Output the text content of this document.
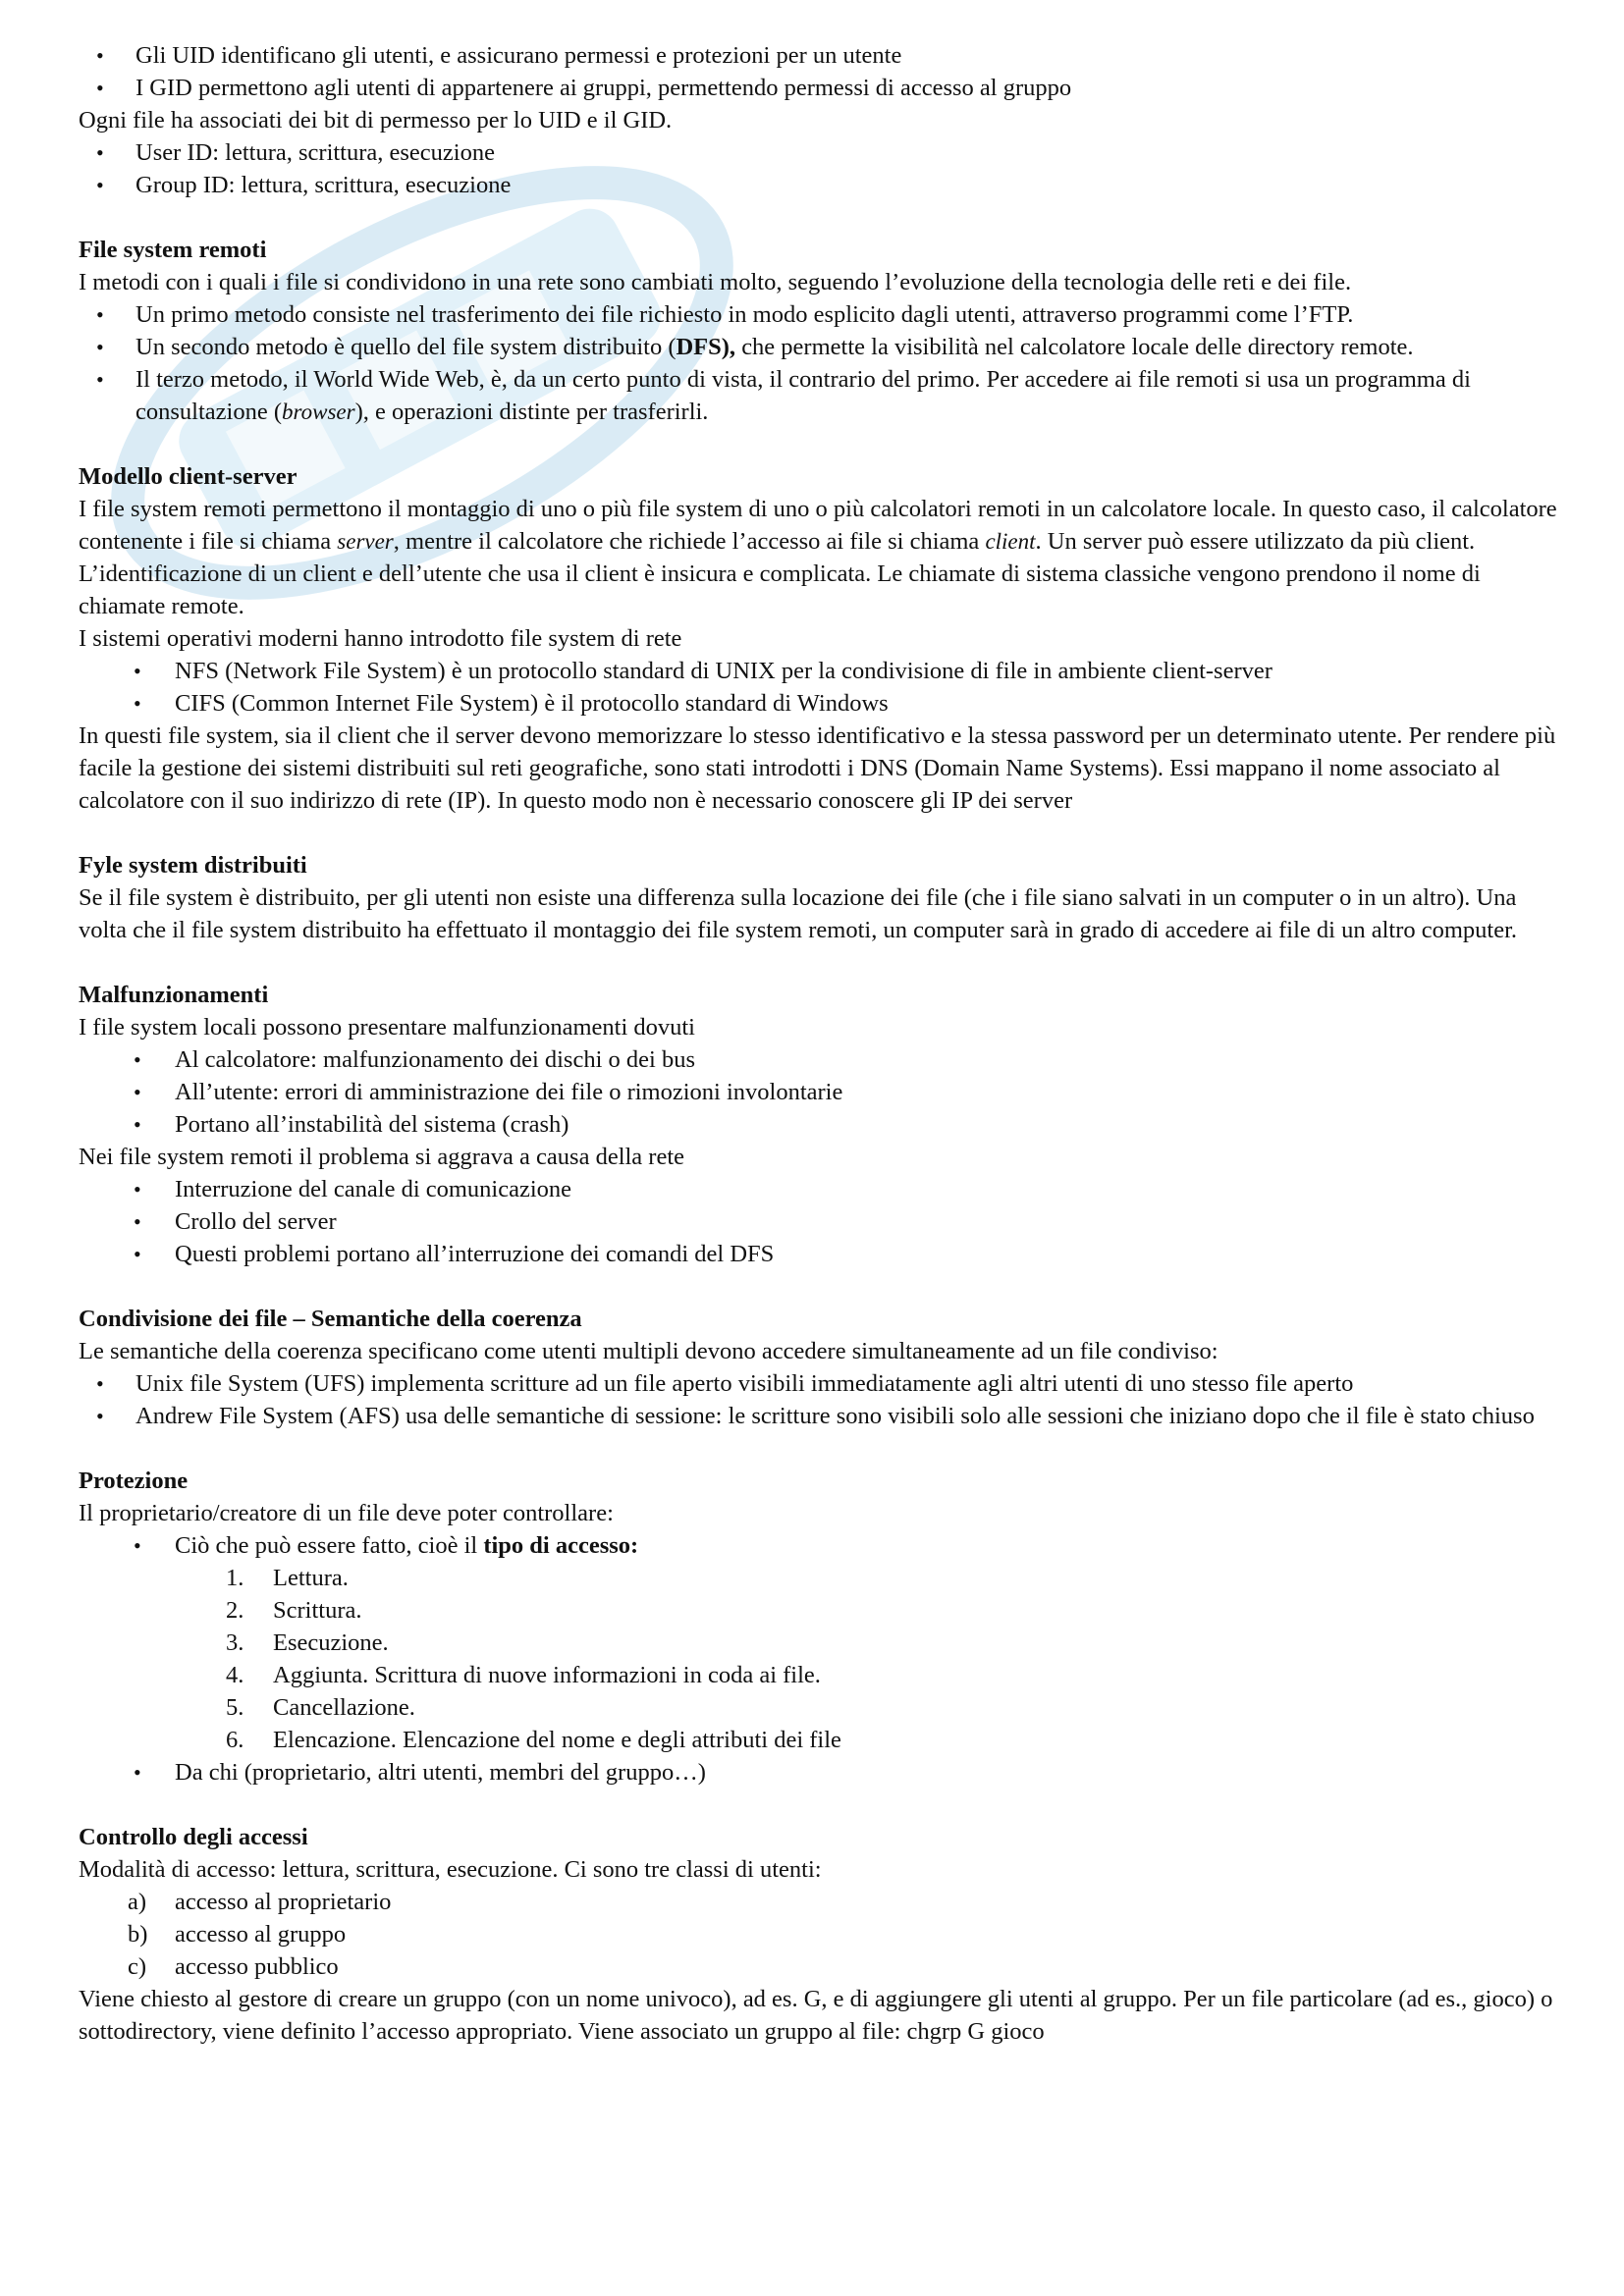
• Gli UID identificano gli utenti, e assicurano permessi e protezioni per un utente
• I GID permettono agli utenti di appartenere ai gruppi, permettendo permessi di accesso al gruppo

Ogni file ha associati dei bit di permesso per lo UID e il GID.

• User ID: lettura, scrittura, esecuzione
• Group ID: lettura, scrittura, esecuzione
File system remoti

I metodi con i quali i file si condividono in una rete sono cambiati molto, seguendo l’evoluzione della tecnologia delle reti e dei file.

• Un primo metodo consiste nel trasferimento dei file richiesto in modo esplicito dagli utenti, attraverso programmi come l’FTP.
• Un secondo metodo è quello del file system distribuito (DFS), che permette la visibilità nel calcolatore locale delle directory remote.
• Il terzo metodo, il World Wide Web, è, da un certo punto di vista, il contrario del primo. Per accedere ai file remoti si usa un programma di consultazione (browser), e operazioni distinte per trasferirli.
Modello client-server

I file system remoti permettono il montaggio di uno o più file system di uno o più calcolatori remoti in un calcolatore locale. In questo caso, il calcolatore contenente i file si chiama server, mentre il calcolatore che richiede l’accesso ai file si chiama client. Un server può essere utilizzato da più client. L’identificazione di un client e dell’utente che usa il client è insicura e complicata. Le chiamate di sistema classiche vengono prendono il nome di chiamate remote.

I sistemi operativi moderni hanno introdotto file system di rete

• NFS (Network File System) è un protocollo standard di UNIX per la condivisione di file in ambiente client-server
• CIFS (Common Internet File System) è il protocollo standard di Windows

In questi file system, sia il client che il server devono memorizzare lo stesso identificativo e la stessa password per un determinato utente. Per rendere più facile la gestione dei sistemi distribuiti sul reti geografiche, sono stati introdotti i DNS (Domain Name Systems). Essi mappano il nome associato al calcolatore con il suo indirizzo di rete (IP). In questo modo non è necessario conoscere gli IP dei server

Fyle system distribuiti

Se il file system è distribuito, per gli utenti non esiste una differenza sulla locazione dei file (che i file siano salvati in un computer o in un altro). Una volta che il file system distribuito ha effettuato il montaggio dei file system remoti, un computer sarà in grado di accedere ai file di un altro computer.

Malfunzionamenti

I file system locali possono presentare malfunzionamenti dovuti

• Al calcolatore: malfunzionamento dei dischi o dei bus
• All’utente: errori di amministrazione dei file o rimozioni involontarie
• Portano all’instabilità del sistema (crash)

Nei file system remoti il problema si aggrava a causa della rete

• Interruzione del canale di comunicazione
• Crollo del server
• Questi problemi portano all’interruzione dei comandi del DFS
Condivisione dei file – Semantiche della coerenza

Le semantiche della coerenza specificano come utenti multipli devono accedere simultaneamente ad un file condiviso:

• Unix file System (UFS) implementa scritture ad un file aperto visibili immediatamente agli altri utenti di uno stesso file aperto
• Andrew File System (AFS) usa delle semantiche di sessione: le scritture sono visibili solo alle sessioni che iniziano dopo che il file è stato chiuso
Protezione

Il proprietario/creatore di un file deve poter controllare:

• Ciò che può essere fatto, cioè il tipo di accesso:
1. Lettura.
2. Scrittura.
3. Esecuzione.
4. Aggiunta. Scrittura di nuove informazioni in coda ai file.
5. Cancellazione.
6. Elencazione. Elencazione del nome e degli attributi dei file
• Da chi (proprietario, altri utenti, membri del gruppo…)
Controllo degli accessi

Modalità di accesso: lettura, scrittura, esecuzione. Ci sono tre classi di utenti:

a) accesso al proprietario
b) accesso al gruppo
c) accesso pubblico

Viene chiesto al gestore di creare un gruppo (con un nome univoco), ad es. G, e di aggiungere gli utenti al gruppo. Per un file particolare (ad es., gioco) o sottodirectory, viene definito l’accesso appropriato. Viene associato un gruppo al file: chgrp G gioco
